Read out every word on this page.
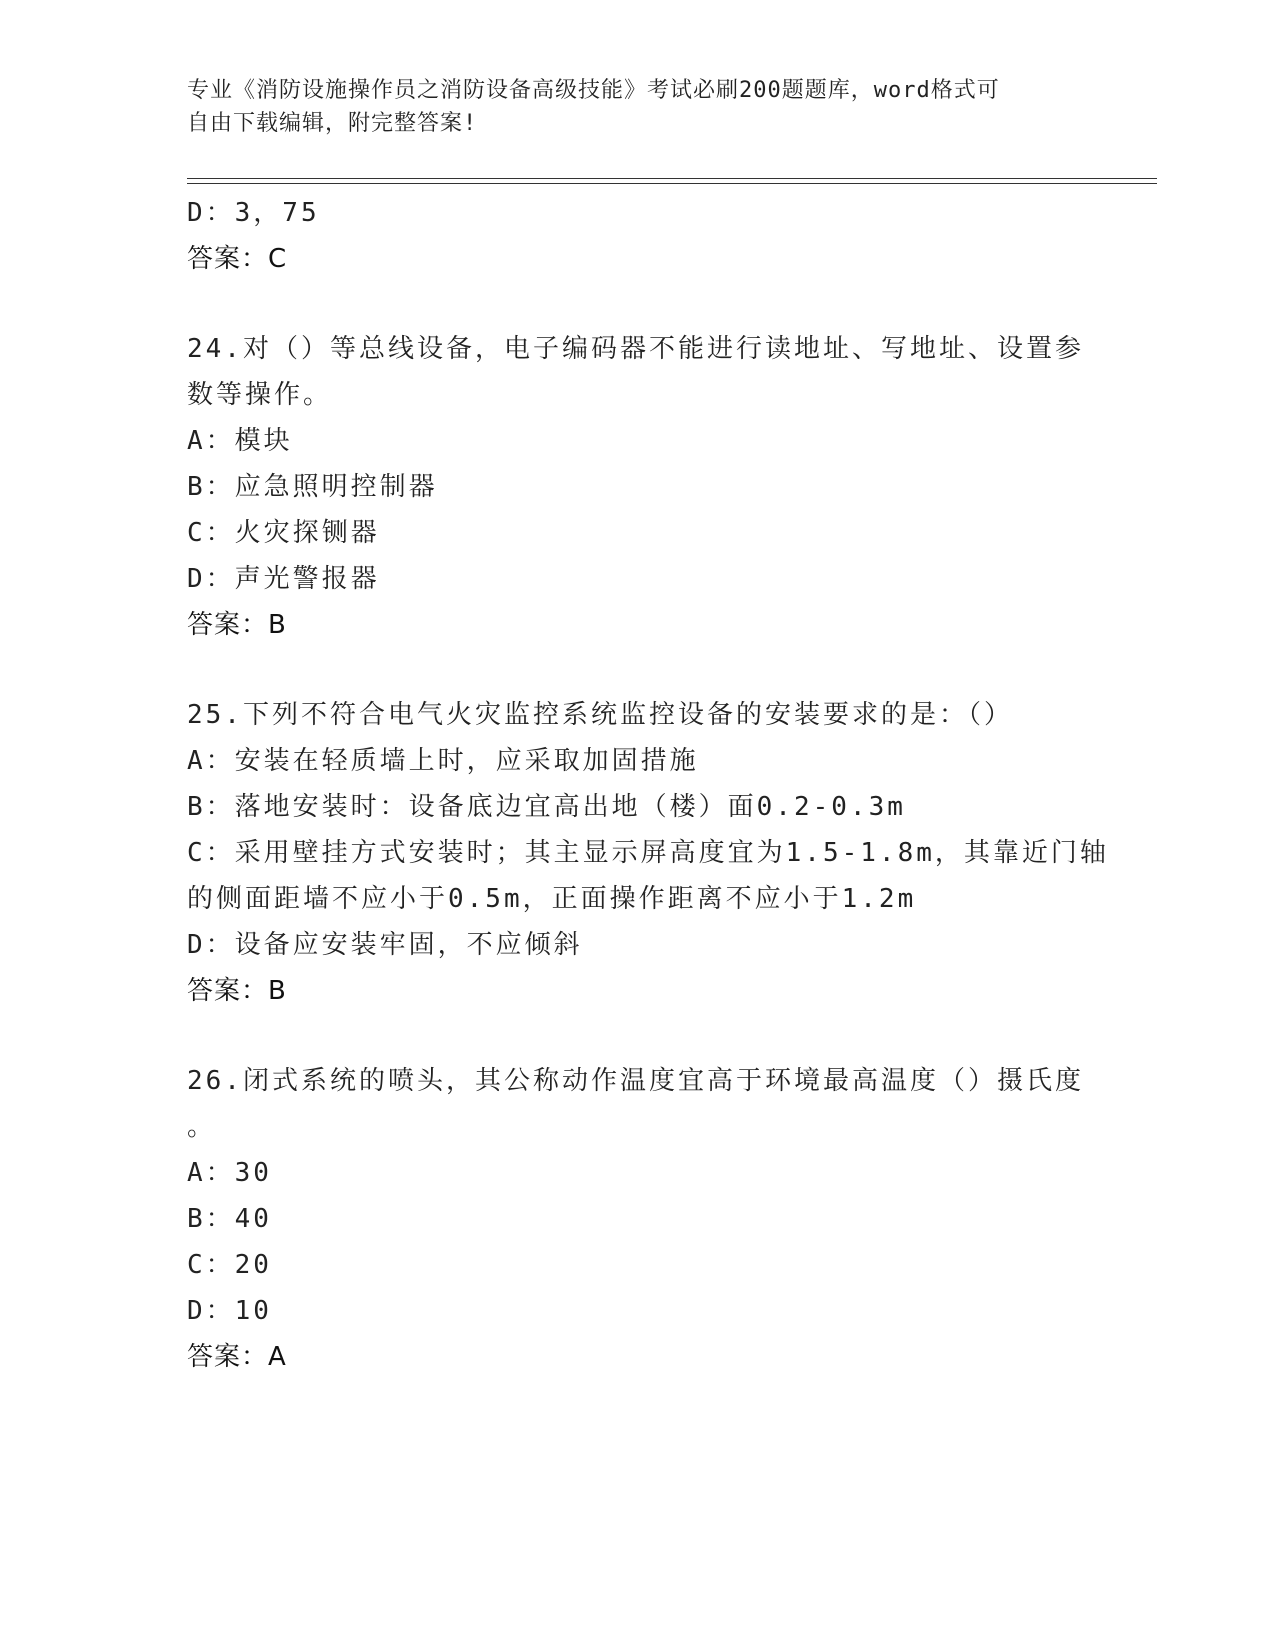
专业《消防设施操作员之消防设备高级技能》考试必刷200题题库，word格式可
自由下载编辑，附完整答案!
D：3，75
答案：C
24.对（）等总线设备，电子编码器不能进行读地址、写地址、设置参
数等操作。
A：模块
B：应急照明控制器
C：火灾探铡器
D：声光警报器
答案：B
25.下列不符合电气火灾监控系统监控设备的安装要求的是：（）
A：安装在轻质墙上时，应采取加固措施
B：落地安装时：设备底边宜高出地（楼）面0.2-0.3m
C：采用壁挂方式安装时；其主显示屏高度宜为1.5-1.8m，其靠近门轴
的侧面距墙不应小于0.5m，正面操作距离不应小于1.2m
D：设备应安装牢固，不应倾斜
答案：B
26.闭式系统的喷头，其公称动作温度宜高于环境最高温度（）摄氏度
。
A：30
B：40
C：20
D：10
答案：A
